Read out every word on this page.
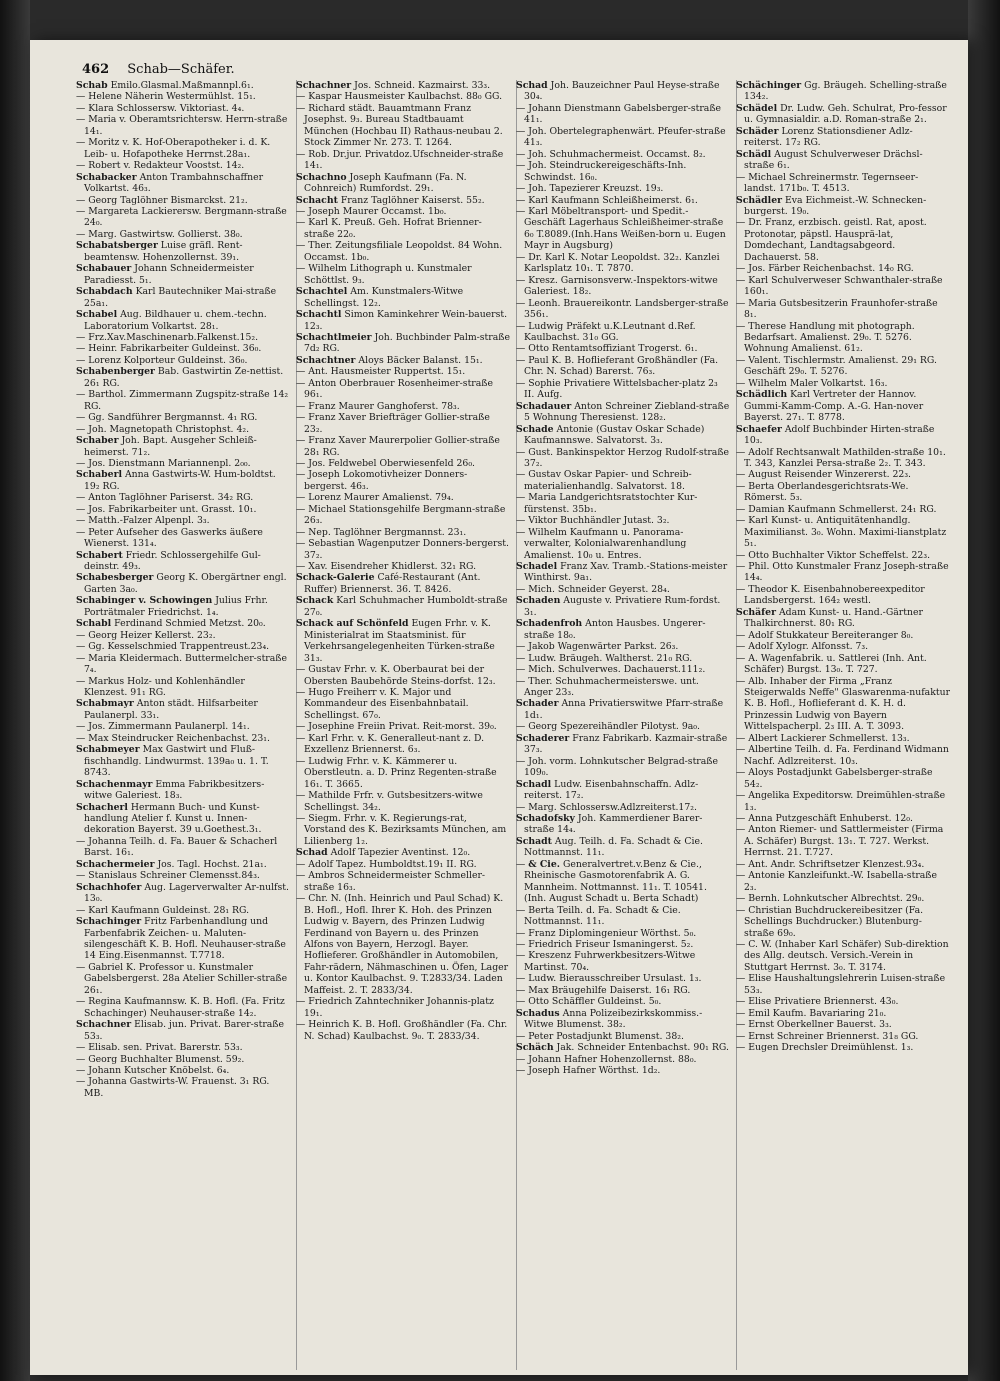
462 Schab—Schäfer.
Schab Emilo.Glasmal.Maßmannpl.6₁.
— Helene Näherin Westermühlst. 15₁.
— Klara Schlossersw. Viktoriast. 4₄.
— Maria v. Oberamtsrichtersw. Herrn-straße 14₁.
— Moritz v. K. Hof-Oberapotheker i. d. K. Leib- u. Hofapotheke Herrnst.28a₁.
— Robert v. Redakteur Voostst. 14₂.
Schabacker Anton Trambahnschaffner Volkartst. 46₃.
— Georg Taglöhner Bismarckst. 21₂.
— Margareta Lackierersw. Bergmann-straße 24₀.
— Marg. Gastwirtsw. Gollierst. 38₀.
Schabatsberger Luise gräfl. Rent-beamtensw. Hohenzollernst. 39₁.
Schabauer Johann Schneidermeister Paradiesst. 5₁.
Schabdach Karl Bautechniker Mai-straße 25a₁.
Schabel Aug. Bildhauer u. chem.-techn. Laboratorium Volkartst. 28₁.
— Frz.Xav.Maschinenarb.Falkenst.15₂.
— Heinr. Fabrikarbeiter Guldeinst. 36₀.
— Lorenz Kolporteur Guldeinst. 36₀.
Schabenberger Bab. Gastwirtin Ze-nettist. 26₁ RG.
— Barthol. Zimmermann Zugspitz-straße 14₂ RG.
— Gg. Sandführer Bergmannst. 4₁ RG.
— Joh. Magnetopath Christophst. 4₂.
Schaber Joh. Bapt. Ausgeher Schleiß-heimerst. 71₂.
— Jos. Dienstmann Mariannenpl. 2₀₀.
Schaberl Anna Gastwirts-W. Hum-boldtst. 19₂ RG.
— Anton Taglöhner Pariserst. 34₂ RG.
— Jos. Fabrikarbeiter unt. Grasst. 10₁.
— Matth.-Falzer Alpenpl. 3₃.
— Peter Aufseher des Gaswerks äußere Wienerst. 131₄.
Schabert Friedr. Schlossergehilfe Gul-deinstr. 49₃.
Schabesberger Georg K. Obergärtner engl. Garten 3a₀.
Schabinger v. Schowingen Julius Frhr. Porträtmaler Friedrichst. 1₄.
Schabl Ferdinand Schmied Metzst. 20₀.
— Georg Heizer Kellerst. 23₂.
— Gg. Kesselschmied Trappentreust.23₄.
— Maria Kleidermach. Buttermelcher-straße 7₄.
— Markus Holz- und Kohlenhändler Klenzest. 91₁ RG.
Schabmayr Anton städt. Hilfsarbeiter Paulanerpl. 33₁.
— Jos. Zimmermann Paulanerpl. 14₁.
— Max Steindrucker Reichenbachst. 23₁.
Schabmeyer Max Gastwirt und Fluß-fischhandlg. Lindwurmst. 139a₀ u. 1. T. 8743.
Schachenmayr Emma Fabrikbesitzers-witwe Galeriest. 18₃.
Schacherl Hermann Buch- und Kunst-handlung Atelier f. Kunst u. Innen-dekoration Bayerst. 39 u.Goethest.3₁.
— Johanna Teilh. d. Fa. Bauer & Schacherl Barst. 16₁.
Schachermeier Jos. Tagl. Hochst. 21a₁.
— Stanislaus Schreiner Clemensst.84₃.
Schachhofer Aug. Lagerverwalter Ar-nulfst. 13₀.
— Karl Kaufmann Guldeinst. 28₁ RG.
Schachinger Fritz Farbenhandlung und Farbenfabrik Zeichen- u. Maluten-silengeschäft K. B. Hofl. Neuhauser-straße 14 Eing.Eisenmannst. T.7718.
— Gabriel K. Professor u. Kunstmaler Gabelsbergerst. 28a Atelier Schiller-straße 26₁.
— Regina Kaufmannsw. K. B. Hofl. (Fa. Fritz Schachinger) Neuhauser-straße 14₂.
Schachner Elisab. jun. Privat. Barer-straße 53₃.
— Elisab. sen. Privat. Barerstr. 53₃.
— Georg Buchhalter Blumenst. 59₂.
— Johann Kutscher Knöbelst. 6₄.
— Johanna Gastwirts-W. Frauenst. 3₁ RG. MB.
Schachner Jos. Schneid. Kazmairst. 33₃.
— Kaspar Hausmeister Kaulbachst. 88₀ GG.
— Richard städt. Bauamtmann Franz Josephst. 9₃. Bureau Stadtbauamt München (Hochbau II) Rathaus-neubau 2. Stock Zimmer Nr. 273. T. 1264.
— Rob. Dr.jur. Privatdoz.Ufschneider-straße 14₁.
Schachno Joseph Kaufmann (Fa. N. Cohnreich) Rumfordst. 29₁.
Schacht Franz Taglöhner Kaiserst. 55₂.
— Joseph Maurer Occamst. 1b₀.
— Karl K. Preuß. Geh. Hofrat Brienner-straße 22₀.
— Ther. Zeitungsfiliale Leopoldst. 84 Wohn. Occamst. 1b₀.
— Wilhelm Lithograph u. Kunstmaler Schöttlst. 9₃.
Schachtel Am. Kunstmalers-Witwe Schellingst. 12₂.
Schachtl Simon Kaminkehrer Wein-bauerst. 12₃.
Schachtlmeier Joh. Buchbinder Palm-straße 7d₂ RG.
Schachtner Aloys Bäcker Balanst. 15₁.
— Ant. Hausmeister Ruppertst. 15₁.
— Anton Oberbrauer Rosenheimer-straße 96₁.
— Franz Maurer Ganghoferst. 78₃.
— Franz Xaver Briefträger Gollier-straße 23₂.
— Franz Xaver Maurerpolier Gollier-straße 28₁ RG.
— Jos. Feldwebel Oberwiesenfeld 26₀.
— Joseph Lokomotivheizer Donners-bergerst. 46₃.
— Lorenz Maurer Amalienst. 79₄.
— Michael Stationsgehilfe Bergmann-straße 26₃.
— Nep. Taglöhner Bergmannst. 23₁.
— Sebastian Wagenputzer Donners-bergerst. 37₂.
— Xav. Eisendreher Khidlerst. 32₁ RG.
Schack-Galerie Café-Restaurant (Ant. Ruffer) Briennerst. 36. T. 8426.
Schack Karl Schuhmacher Humboldt-straße 27₀.
Schack auf Schönfeld Eugen Frhr. v. K. Ministerialrat im Staatsminist. für Verkehrsangelegenheiten Türken-straße 31₃.
— Gustav Frhr. v. K. Oberbaurat bei der Obersten Baubehörde Steins-dorfst. 12₃.
— Hugo Freiherr v. K. Major und Kommandeur des Eisenbahnbatail. Schellingst. 67₀.
— Josephine Freiin Privat. Reit-morst. 39₀.
— Karl Frhr. v. K. Generalleut-nant z. D. Exzellenz Briennerst. 6₃.
— Ludwig Frhr. v. K. Kämmerer u. Oberstleutn. a. D. Prinz Regenten-straße 16₁. T. 3665.
— Mathilde Frfr. v. Gutsbesitzers-witwe Schellingst. 34₂.
— Siegm. Frhr. v. K. Regierungs-rat, Vorstand des K. Bezirksamts München, am Lilienberg 1₂.
Schad Adolf Tapezier Aventinst. 12₀.
— Adolf Tapez. Humboldtst.19₁ II. RG.
— Ambros Schneidermeister Schmeller-straße 16₃.
— Chr. N. (Inh. Heinrich und Paul Schad) K. B. Hofl., Hofl. Ihrer K. Hoh. des Prinzen Ludwig v. Bayern, des Prinzen Ludwig Ferdinand von Bayern u. des Prinzen Alfons von Bayern, Herzogl. Bayer. Hoflieferer. Großhändler in Automobilen, Fahr-rädern, Nähmaschinen u. Öfen, Lager u. Kontor Kaulbachst. 9. T.2833/34. Laden Maffeist. 2. T. 2833/34.
— Friedrich Zahntechniker Johannis-platz 19₁.
— Heinrich K. B. Hofl. Großhändler (Fa. Chr. N. Schad) Kaulbachst. 9₀. T. 2833/34.
Schad Joh. Bauzeichner Paul Heyse-straße 30₄.
— Johann Dienstmann Gabelsberger-straße 41₁.
— Joh. Obertelegraphenwärt. Pfeufer-straße 41₃.
— Joh. Schuhmachermeist. Occamst. 8₂.
— Joh. Steindruckereigeschäfts-Inh. Schwindst. 16₀.
— Joh. Tapezierer Kreuzst. 19₃.
— Karl Kaufmann Schleißheimerst. 6₁.
— Karl Möbeltransport- und Spedit.-Geschäft Lagerhaus Schleißheimer-straße 6₀ T.8089.(Inh.Hans Weißen-born u. Eugen Mayr in Augsburg)
— Dr. Karl K. Notar Leopoldst. 32₂. Kanzlei Karlsplatz 10₁. T. 7870.
— Kresz. Garnisonsverw.-Inspektors-witwe Galeriest. 18₂.
— Leonh. Brauereikontr. Landsberger-straße 356₁.
— Ludwig Präfekt u.K.Leutnant d.Ref. Kaulbachst. 31₀ GG.
— Otto Rentamtsoffiziant Trogerst. 6₁.
— Paul K. B. Hoflieferant Großhändler (Fa. Chr. N. Schad) Barerst. 76₃.
— Sophie Privatiere Wittelsbacher-platz 2₃ II. Aufg.
Schadauer Anton Schreiner Ziebland-straße 5 Wohnung Theresienst. 128₂.
Schade Antonie (Gustav Oskar Schade) Kaufmannswe. Salvatorst. 3₃.
— Gust. Bankinspektor Herzog Rudolf-straße 37₂.
— Gustav Oskar Papier- und Schreib-materialienhandlg. Salvatorst. 18.
— Maria Landgerichtsratstochter Kur-fürstenst. 35b₁.
— Viktor Buchhändler Jutast. 3₂.
— Wilhelm Kaufmann u. Panorama-verwalter, Kolonialwarenhandlung Amalienst. 10₀ u. Entres.
Schadel Franz Xav. Tramb.-Stations-meister Winthirst. 9a₁.
— Mich. Schneider Geyerst. 28₄.
Schaden Auguste v. Privatiere Rum-fordst. 3₁.
Schadenfroh Anton Hausbes. Ungerer-straße 18₀.
— Jakob Wagenwärter Parkst. 26₃.
— Ludw. Bräugeh. Waltherst. 21₀ RG.
— Mich. Schulverwes. Dachauerst.111₂.
— Ther. Schuhmachermeisterswe. unt. Anger 23₃.
Schader Anna Privatierswitwe Pfarr-straße 1d₁.
— Georg Spezereihändler Pilotyst. 9a₀.
Schaderer Franz Fabrikarb. Kazmair-straße 37₃.
— Joh. vorm. Lohnkutscher Belgrad-straße 109₀.
Schadl Ludw. Eisenbahnschaffn. Adlz-reiterst. 17₂.
— Marg. Schlossersw.Adlzreiterst.17₂.
Schadofsky Joh. Kammerdiener Barer-straße 14₄.
Schadt Aug. Teilh. d. Fa. Schadt & Cie. Nottmannst. 11₁.
— & Cie. Generalvertret.v.Benz & Cie., Rheinische Gasmotorenfabrik A. G. Mannheim. Nottmannst. 11₁. T. 10541. (Inh. August Schadt u. Berta Schadt)
— Berta Teilh. d. Fa. Schadt & Cie. Nottmannst. 11₁.
— Franz Diplomingenieur Wörthst. 5₀.
— Friedrich Friseur Ismaningerst. 5₂.
— Kreszenz Fuhrwerkbesitzers-Witwe Martinst. 70₄.
— Ludw. Bierausschreiber Ursulast. 1₃.
— Max Bräugehilfe Daiserst. 16₁ RG.
— Otto Schäffler Guldeinst. 5₀.
Schadus Anna Polizeibezirkskommiss.-Witwe Blumenst. 38₂.
— Peter Postadjunkt Blumenst. 38₂.
Schäch Jak. Schneider Entenbachst. 90₁ RG.
— Johann Hafner Hohenzollernst. 88₀.
— Joseph Hafner Wörthst. 1d₂.
Schächinger Gg. Bräugeh. Schelling-straße 134₂.
Schädel Dr. Ludw. Geh. Schulrat, Pro-fessor u. Gymnasialdir. a.D. Roman-straße 2₁.
Schäder Lorenz Stationsdiener Adlz-reiterst. 17₂ RG.
Schädl August Schulverweser Drächsl-straße 6₁.
— Michael Schreinermstr. Tegernseer-landst. 171b₀. T. 4513.
Schädler Eva Eichmeist.-W. Schnecken-burgerst. 19₀.
— Dr. Franz, erzbisch. geistl. Rat, apost. Protonotar, päpstl. Hausprä-lat, Domdechant, Landtagsabgeord. Dachauerst. 58.
— Jos. Färber Reichenbachst. 14₀ RG.
— Karl Schulverweser Schwanthaler-straße 160₁.
— Maria Gutsbesitzerin Fraunhofer-straße 8₁.
— Therese Handlung mit photograph. Bedarfsart. Amalienst. 29₀. T. 5276. Wohnung Amalienst. 61₂.
— Valent. Tischlermstr. Amalienst. 29₁ RG. Geschäft 29₀. T. 5276.
— Wilhelm Maler Volkartst. 16₃.
Schädlich Karl Vertreter der Hannov. Gummi-Kamm-Comp. A.-G. Han-nover Bayerst. 27₁. T. 8778.
Schaefer Adolf Buchbinder Hirten-straße 10₃.
— Adolf Rechtsanwalt Mathilden-straße 10₁. T. 343, Kanzlei Persa-straße 2₂. T. 343.
— August Reisender Winzererst. 22₃.
— Berta Oberlandesgerichtsrats-We. Römerst. 5₃.
— Damian Kaufmann Schmellerst. 24₁ RG.
— Karl Kunst- u. Antiquitätenhandlg. Maximilianst. 3₀. Wohn. Maximi-lianstplatz 5₁.
— Otto Buchhalter Viktor Scheffelst. 22₃.
— Phil. Otto Kunstmaler Franz Joseph-straße 14₄.
— Theodor K. Eisenbahnobereexpeditor Landsbergerst. 164₂ westl.
Schäfer Adam Kunst- u. Hand.-Gärtner Thalkirchnerst. 80₁ RG.
— Adolf Stukkateur Bereiteranger 8₀.
— Adolf Xylogr. Alfonsst. 7₃.
— A. Wagenfabrik. u. Sattlerei (Inh. Ant. Schäfer) Burgst. 13₀. T. 727.
— Alb. Inhaber der Firma „Franz Steigerwalds Neffe" Glaswarenma-nufaktur K. B. Hofl., Hoflieferant d. K. H. d. Prinzessin Ludwig von Bayern Wittelspacherpl. 2₃ III. A. T. 3093.
— Albert Lackierer Schmellerst. 13₃.
— Albertine Teilh. d. Fa. Ferdinand Widmann Nachf. Adlzreiterst. 10₃.
— Aloys Postadjunkt Gabelsberger-straße 54₂.
— Angelika Expeditorsw. Dreimühlen-straße 1₃.
— Anna Putzgeschäft Enhuberst. 12₀.
— Anton Riemer- und Sattlermeister (Firma A. Schäfer) Burgst. 13₁. T. 727. Werkst. Herrnst. 21. T.727.
— Ant. Andr. Schriftsetzer Klenzest.93₄.
— Antonie Kanzleifunkt.-W. Isabella-straße 2₃.
— Bernh. Lohnkutscher Albrechtst. 29₀.
— Christian Buchdruckereibesitzer (Fa. Schellings Buchdrucker.) Blutenburg-straße 69₀.
— C. W. (Inhaber Karl Schäfer) Sub-direktion des Allg. deutsch. Versich.-Verein in Stuttgart Herrnst. 3₀. T. 3174.
— Elise Haushaltungslehrerin Luisen-straße 53₃.
— Elise Privatiere Briennerst. 43₀.
— Emil Kaufm. Bavariaring 21₀.
— Ernst Oberkellner Bauerst. 3₃.
— Ernst Schreiner Briennerst. 31₈ GG.
— Eugen Drechsler Dreimühlenst. 1₃.
